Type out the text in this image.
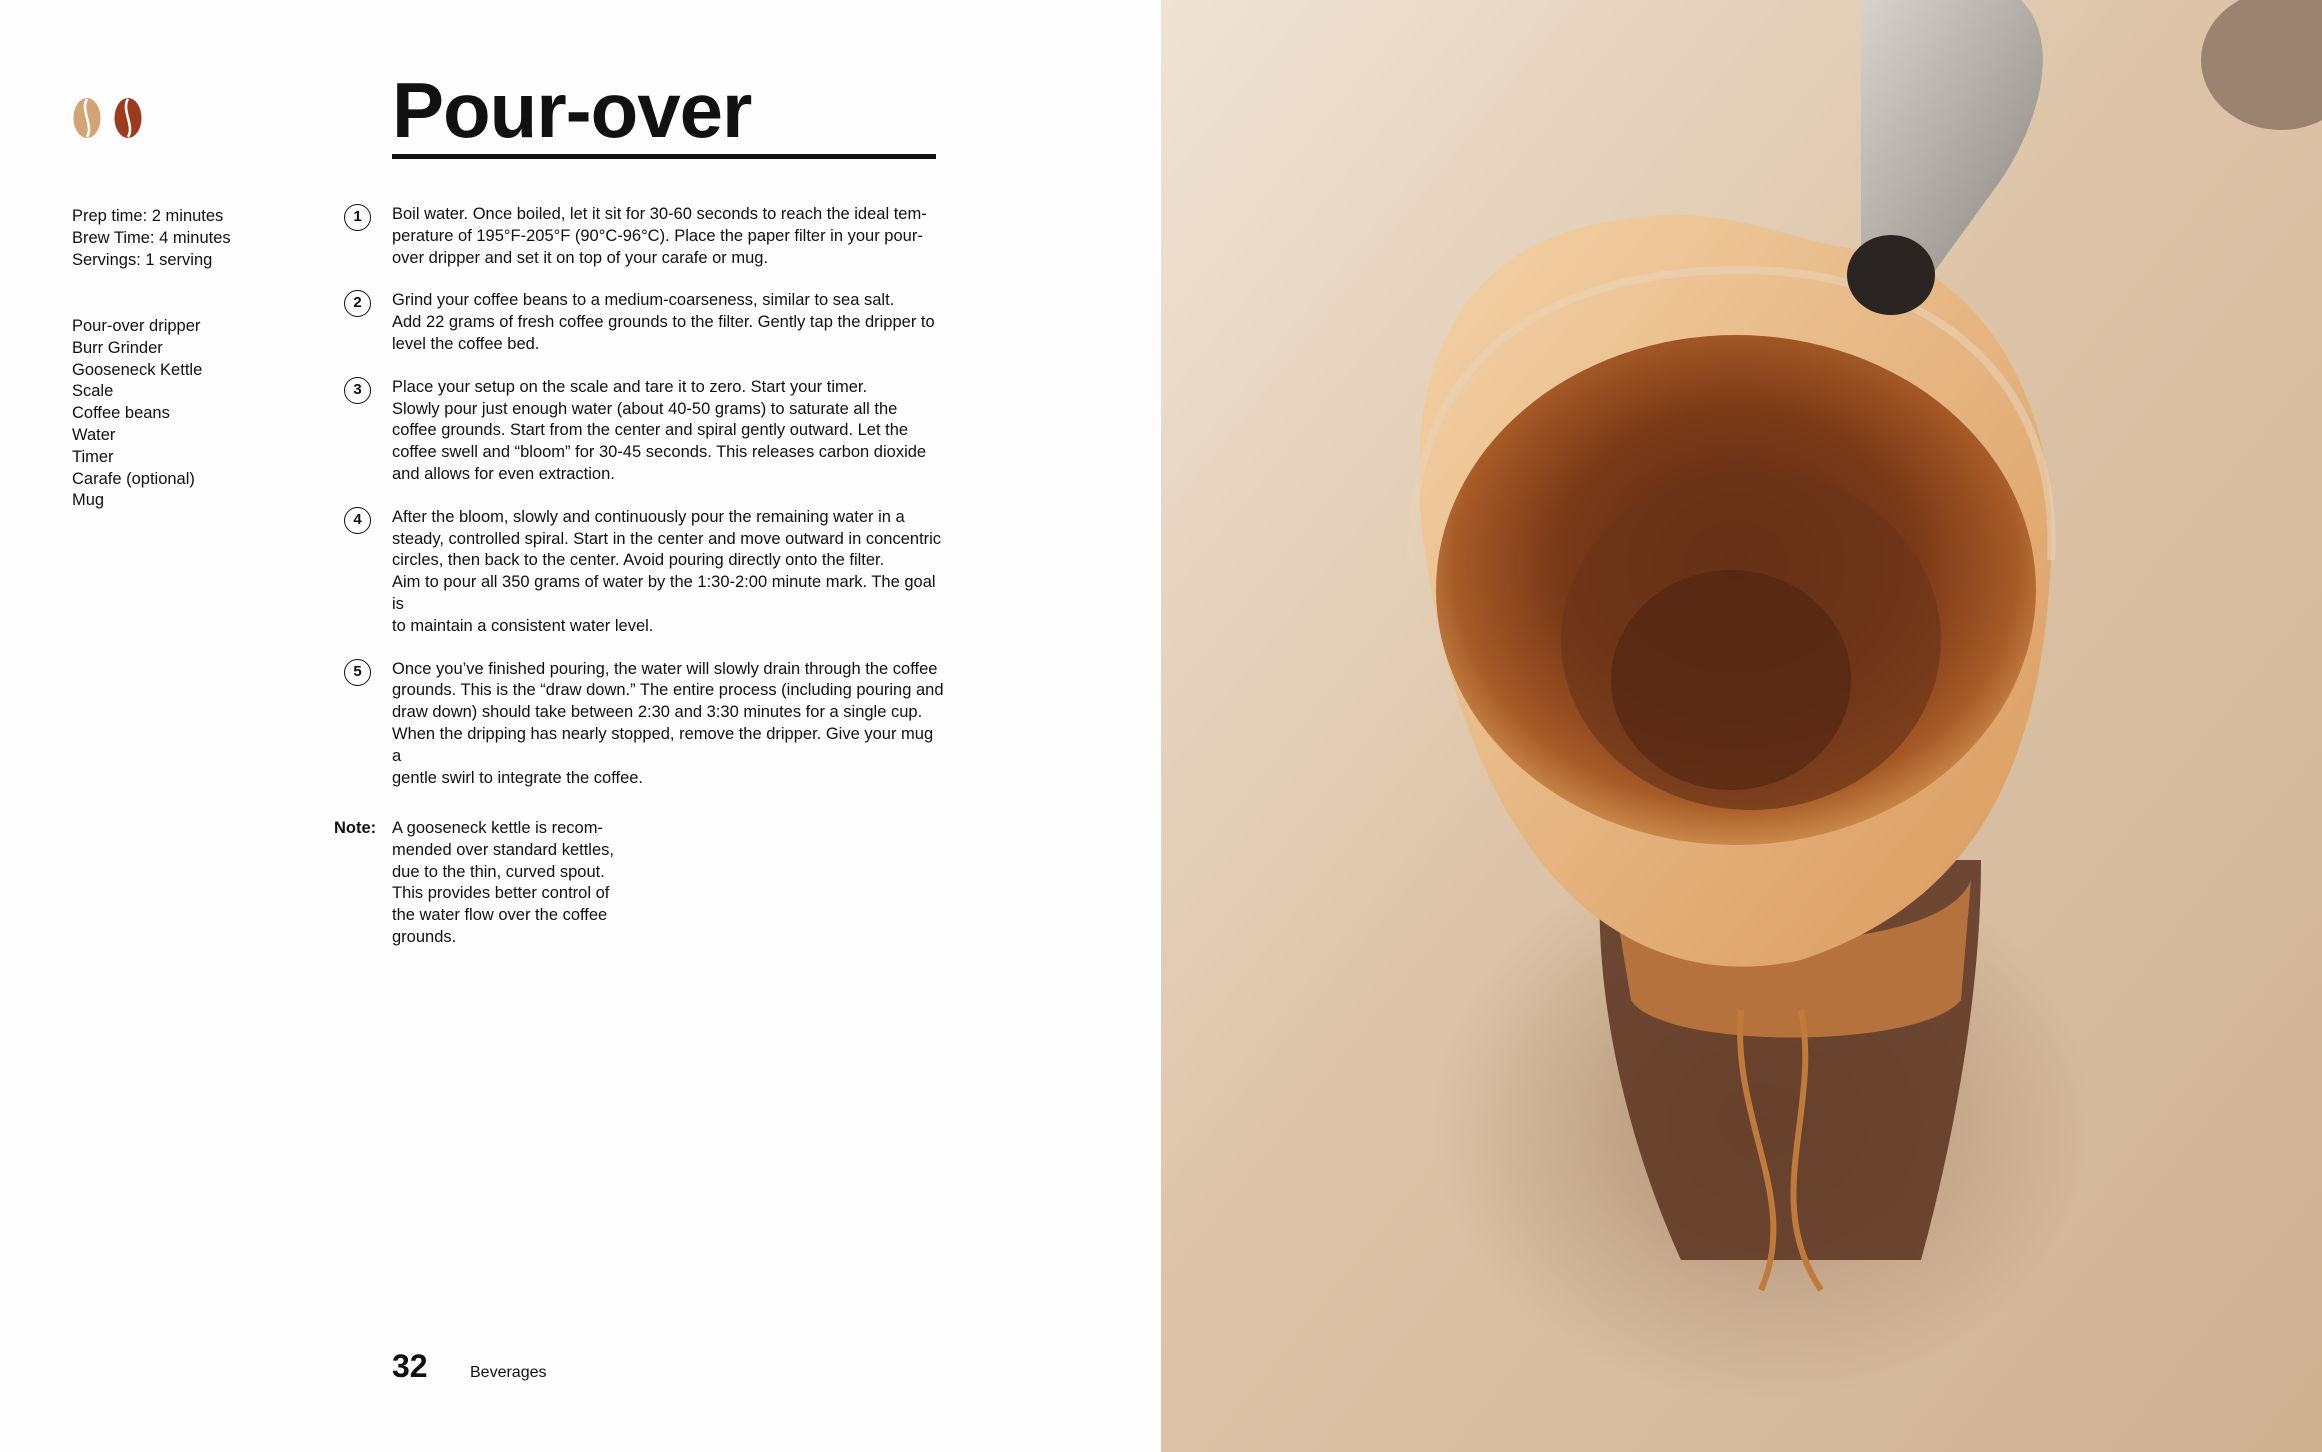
Pour-over
Prep time: 2 minutes
Brew Time: 4 minutes
Servings: 1 serving
Pour-over dripper
Burr Grinder
Gooseneck Kettle
Scale
Coffee beans
Water
Timer
Carafe (optional)
Mug
1	Boil water. Once boiled, let it sit for 30-60 seconds to reach the ideal tem-
perature of 195°F-205°F (90°C-96°C). Place the paper filter in your pour-
over dripper and set it on top of your carafe or mug.
2	Grind your coffee beans to a medium-coarseness, similar to sea salt.
Add 22 grams of fresh coffee grounds to the filter. Gently tap the dripper to
level the coffee bed.
3	Place your setup on the scale and tare it to zero. Start your timer.
Slowly pour just enough water (about 40-50 grams) to saturate all the
coffee grounds. Start from the center and spiral gently outward. Let the
coffee swell and “bloom” for 30-45 seconds. This releases carbon dioxide
and allows for even extraction.
4	After the bloom, slowly and continuously pour the remaining water in a
steady, controlled spiral. Start in the center and move outward in concentric
circles, then back to the center. Avoid pouring directly onto the filter.
Aim to pour all 350 grams of water by the 1:30-2:00 minute mark. The goal is
to maintain a consistent water level.
5	Once you’ve finished pouring, the water will slowly drain through the coffee
grounds. This is the “draw down.” The entire process (including pouring and
draw down) should take between 2:30 and 3:30 minutes for a single cup.
When the dripping has nearly stopped, remove the dripper. Give your mug a
gentle swirl to integrate the coffee.
Note: A gooseneck kettle is recom-
mended over standard kettles,
due to the thin, curved spout.
This provides better control of
the water flow over the coffee
grounds.
32	Beverages
